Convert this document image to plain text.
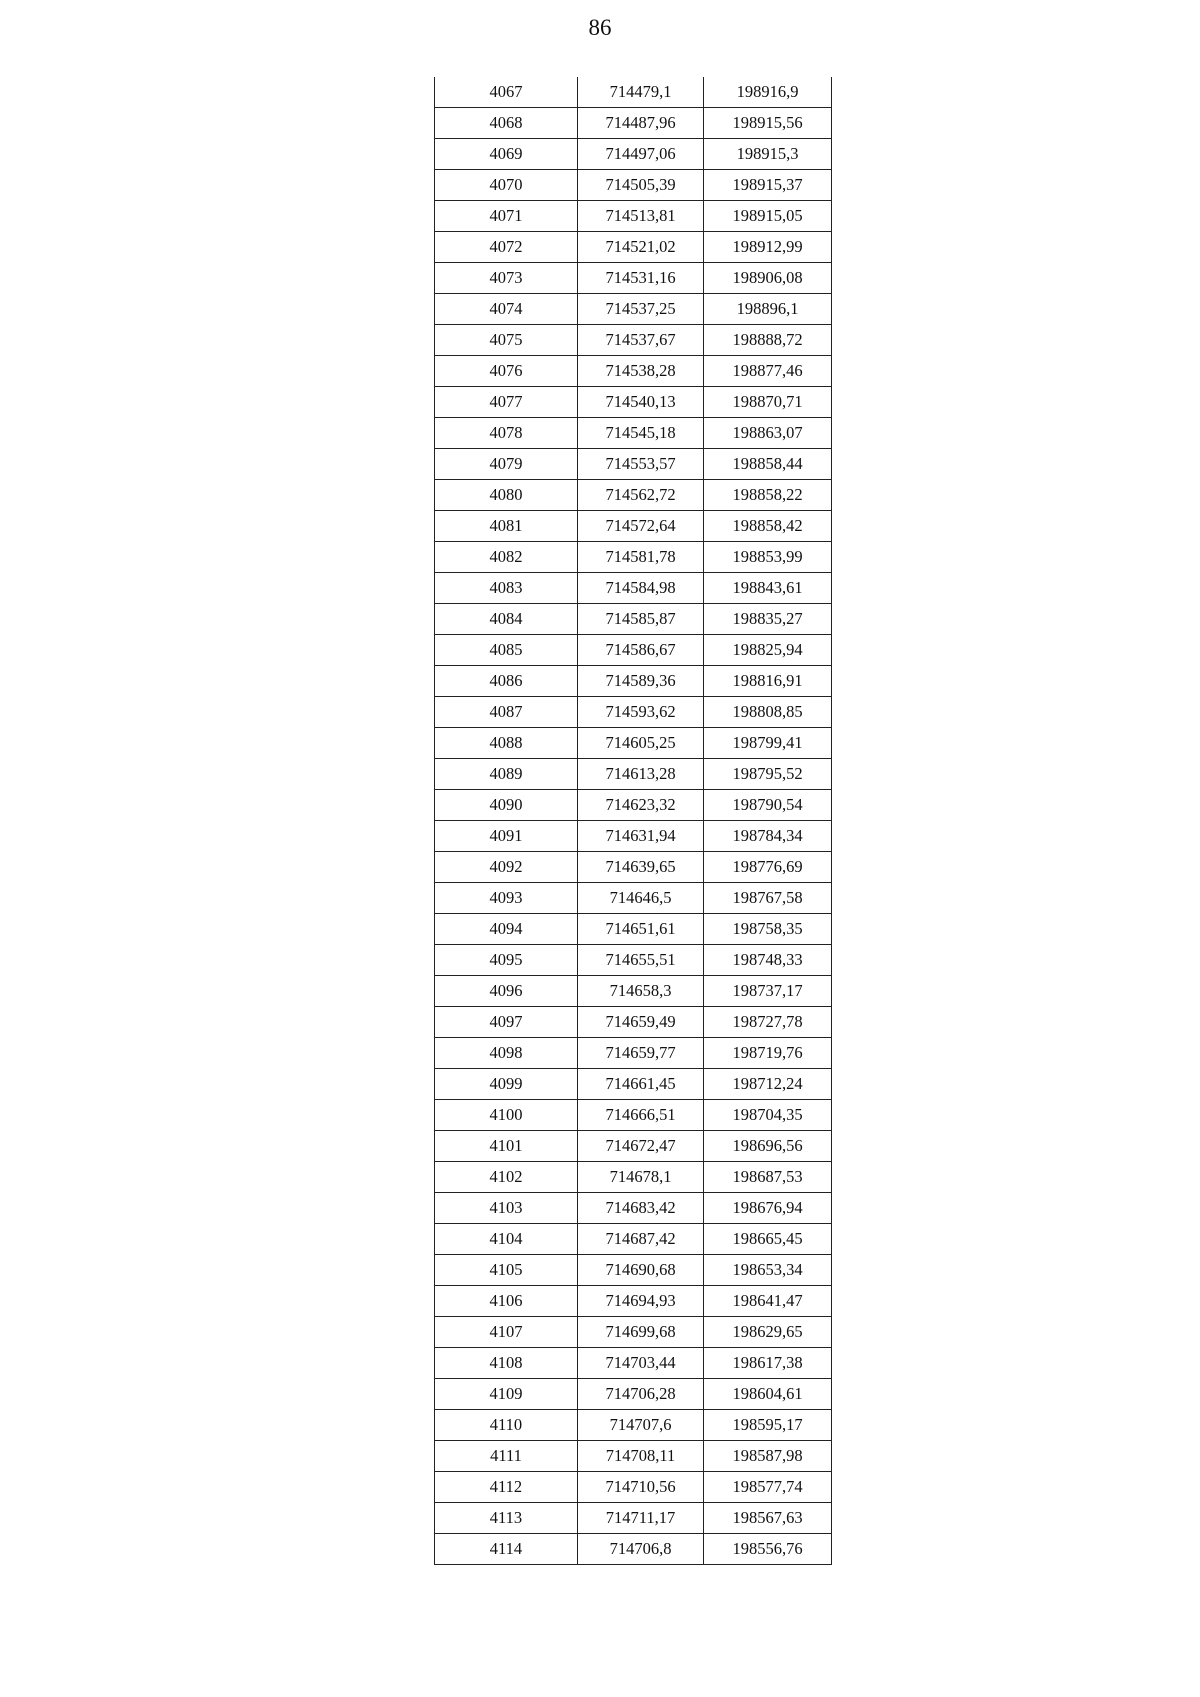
86
4067	714479,1	198916,9
4068	714487,96	198915,56
4069	714497,06	198915,3
4070	714505,39	198915,37
4071	714513,81	198915,05
4072	714521,02	198912,99
4073	714531,16	198906,08
4074	714537,25	198896,1
4075	714537,67	198888,72
4076	714538,28	198877,46
4077	714540,13	198870,71
4078	714545,18	198863,07
4079	714553,57	198858,44
4080	714562,72	198858,22
4081	714572,64	198858,42
4082	714581,78	198853,99
4083	714584,98	198843,61
4084	714585,87	198835,27
4085	714586,67	198825,94
4086	714589,36	198816,91
4087	714593,62	198808,85
4088	714605,25	198799,41
4089	714613,28	198795,52
4090	714623,32	198790,54
4091	714631,94	198784,34
4092	714639,65	198776,69
4093	714646,5	198767,58
4094	714651,61	198758,35
4095	714655,51	198748,33
4096	714658,3	198737,17
4097	714659,49	198727,78
4098	714659,77	198719,76
4099	714661,45	198712,24
4100	714666,51	198704,35
4101	714672,47	198696,56
4102	714678,1	198687,53
4103	714683,42	198676,94
4104	714687,42	198665,45
4105	714690,68	198653,34
4106	714694,93	198641,47
4107	714699,68	198629,65
4108	714703,44	198617,38
4109	714706,28	198604,61
4110	714707,6	198595,17
4111	714708,11	198587,98
4112	714710,56	198577,74
4113	714711,17	198567,63
4114	714706,8	198556,76
